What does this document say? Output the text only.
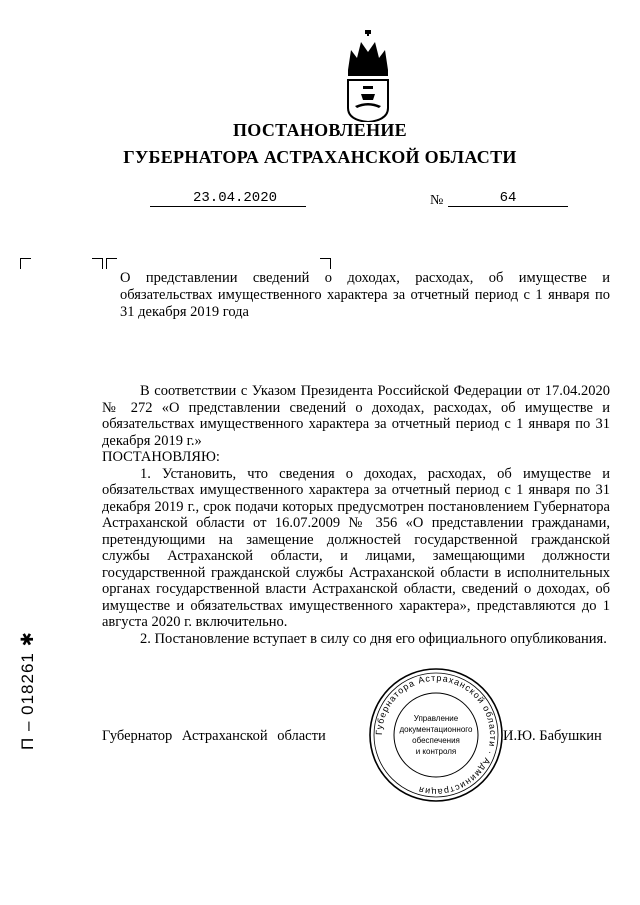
ПОСТАНОВЛЕНИЕ
ГУБЕРНАТОРА АСТРАХАНСКОЙ ОБЛАСТИ
23.04.2020	№	64
О представлении сведений о доходах, расходах, об имуществе и обязательствах имущественного характера за отчетный период с 1 января по 31 декабря 2019 года

В соответствии с Указом Президента Российской Федерации от 17.04.2020 № 272 «О представлении сведений о доходах, расходах, об имуществе и обязательствах имущественного характера за отчетный период с 1 января по 31 декабря 2019 г.»

ПОСТАНОВЛЯЮ:

1. Установить, что сведения о доходах, расходах, об имуществе и обязательствах имущественного характера за отчетный период с 1 января по 31 декабря 2019 г., срок подачи которых предусмотрен постановлением Губернатора Астраханской области от 16.07.2009 № 356 «О представлении гражданами, претендующими на замещение должностей государственной гражданской службы Астраханской области, и лицами, замещающими должности государственной гражданской службы Астраханской области в исполнительных органах государственной власти Астраханской области, сведений о доходах, об имуществе и обязательствах имущественного характера», представляются до 1 августа 2020 г. включительно.

2. Постановление вступает в силу со дня его официального опубликования.

Губернатор Астраханской области	И.Ю. Бабушкин
Губернатора Астраханской области · Администрация
Управление
документационного
обеспечения
и контроля
П – 018261 ✱
